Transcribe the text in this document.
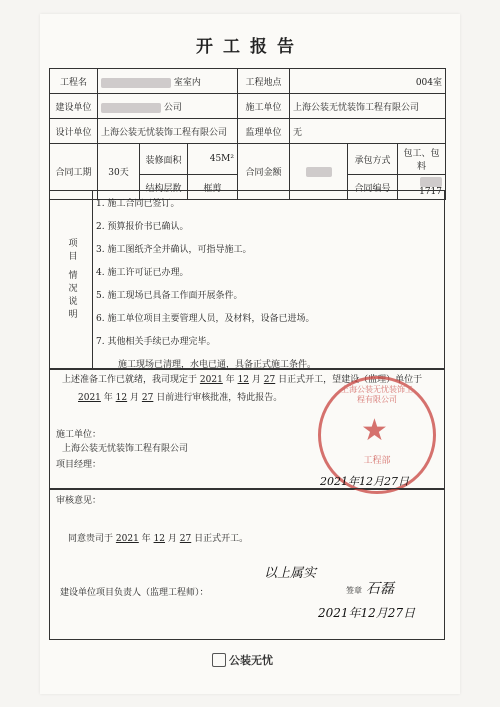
开工报告
工程名	室室内			工程地点	004室		
建设单位	公司			施工单位	上海公装无忧装饰工程有限公司		
设计单位	上海公装无忧装饰工程有限公司			监理单位	无		
合同工期	30天	装修面积	45M²	合同金额		承包方式	包工、包料
		结构层数	框剪			合同编号	1717
项
目
情
况
说
明
1. 施工合同已签订。
2. 预算报价书已确认。
3. 施工图纸齐全并确认，可指导施工。
4. 施工许可证已办理。
5. 施工现场已具备工作面开展条件。
6. 施工单位项目主要管理人员，及材料，设备已进场。
7. 其他相关手续已办理完毕。
施工现场已清理，水电已通，具备正式施工条件。
上述准备工作已就绪，我司现定于 2021 年 12 月 27 日正式开工，望建设（监理）单位于
2021 年 12 月 27 日前进行审核批准，特此报告。
施工单位：
上海公装无忧装饰工程有限公司
项目经理：
上海公装无忧装饰工程有限公司
★
工程部
2021年12月27日
审核意见：
同意贵司于 2021 年 12 月 27 日正式开工。
以上属实
建设单位项目负责人（监理工程师）：	签章 石磊
2021年12月27日
公装无忧
